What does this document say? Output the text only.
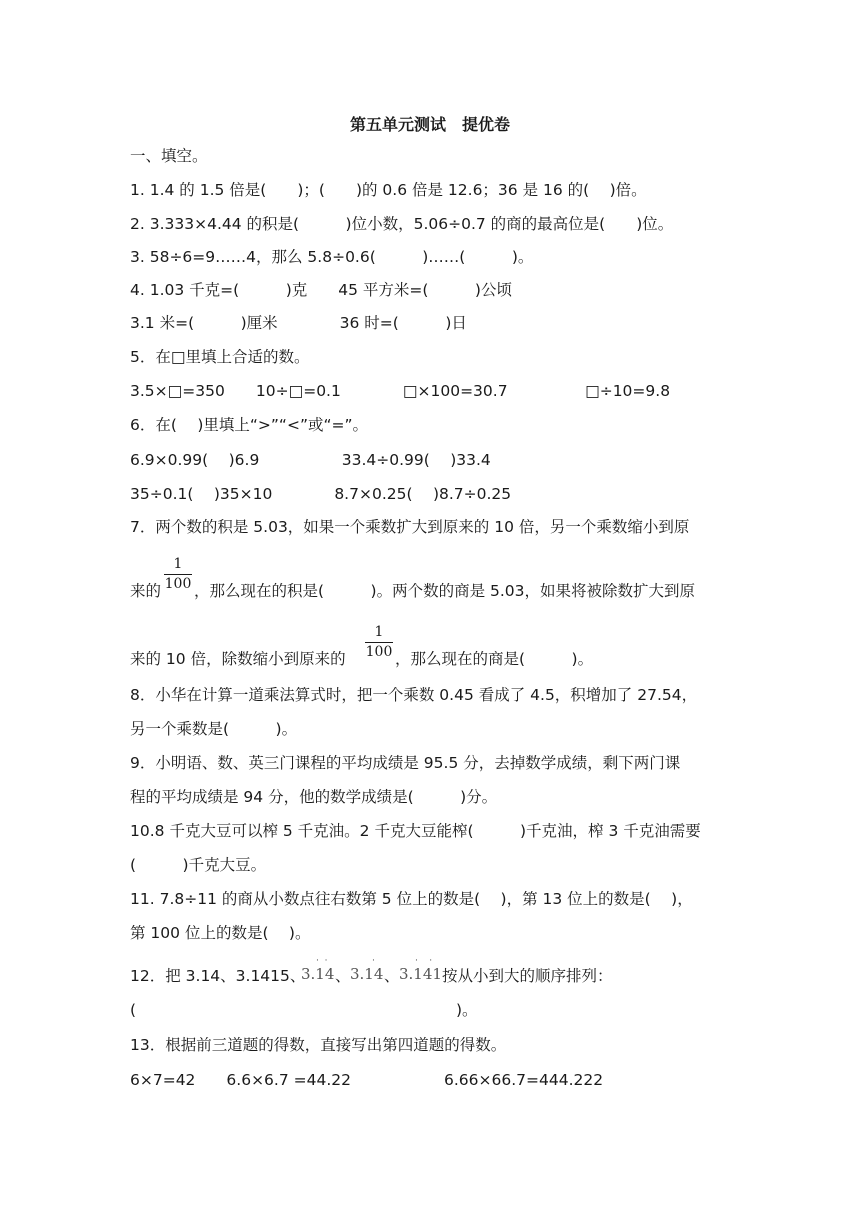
第五单元测试　提优卷
一、填空。
1. 1.4 的 1.5 倍是(　　)；(　　)的 0.6 倍是 12.6；36 是 16 的(　 )倍。
2. 3.333×4.44 的积是(　　　)位小数，5.06÷0.7 的商的最高位是(　　)位。
3. 58÷6=9……4，那么 5.8÷0.6(　　　)……(　　　)。
4. 1.03 千克=(　　　)克　　45 平方米=(　　　)公顷
3.1 米=(　　　)厘米　　　　36 时=(　　　)日
5．在□里填上合适的数。
3.5×□=350　　10÷□=0.1　　　　□×100=30.7　　　　　□÷10=9.8
6．在(　 )里填上“>”“<”或“=”。
6.9×0.99(　 )6.9　　　　　 33.4÷0.99(　 )33.4
35÷0.1(　 )35×10　　　　8.7×0.25(　 )8.7÷0.25
7．两个数的积是 5.03，如果一个乘数扩大到原来的 10 倍，另一个乘数缩小到原
来的 $\frac{1}{100}$ ，那么现在的积是(　　　)。两个数的商是 5.03，如果将被除数扩大到原
来的 10 倍，除数缩小到原来的 $\frac{1}{100}$ ，那么现在的商是(　　　)。
8．小华在计算一道乘法算式时，把一个乘数 0.45 看成了 4.5，积增加了 27.54，
另一个乘数是(　　　)。
9．小明语、数、英三门课程的平均成绩是 95.5 分，去掉数学成绩，剩下两门课
程的平均成绩是 94 分，他的数学成绩是(　　　)分。
10.8 千克大豆可以榨 5 千克油。2 千克大豆能榨(　　　)千克油，榨 3 千克油需要
(　　　)千克大豆。
11. 7.8÷11 的商从小数点往右数第 5 位上的数是(　 )，第 13 位上的数是(　 )，
第 100 位上的数是(　 )。
12．把 3.14、3.1415、
3.14
·  ·
、 3.14
·
、 3.141
·    ·
按从小到大的顺序排列：
(	)。
13．根据前三道题的得数，直接写出第四道题的得数。
6×7=42　　6.6×6.7 =44.22　　　　　　6.66×66.7=444.222
